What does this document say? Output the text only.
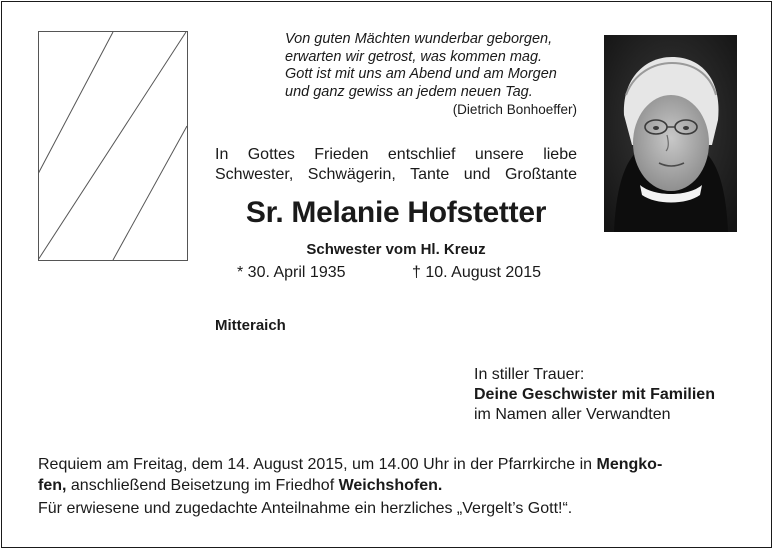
Von guten Mächten wunderbar geborgen,
erwarten wir getrost, was kommen mag.
Gott ist mit uns am Abend und am Morgen
und ganz gewiss an jedem neuen Tag.
(Dietrich Bonhoeffer)
In Gottes Frieden entschlief unsere liebe
Schwester, Schwägerin, Tante und Großtante
Sr. Melanie Hofstetter
Schwester vom Hl. Kreuz
* 30. April 1935	† 10. August 2015
Mitteraich
In stiller Trauer:
Deine Geschwister mit Familien
im Namen aller Verwandten
Requiem am Freitag, dem 14. August 2015, um 14.00 Uhr in der Pfarrkirche in Mengko-
fen, anschließend Beisetzung im Friedhof Weichshofen.
Für erwiesene und zugedachte Anteilnahme ein herzliches „Vergelt’s Gott!“.
